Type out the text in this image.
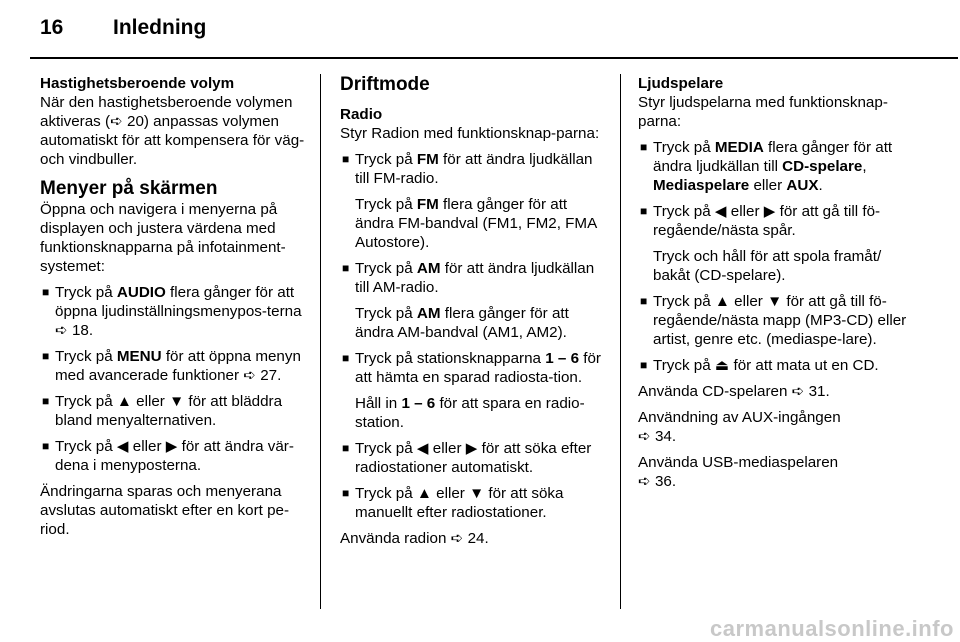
16 Inledning

Hastighetsberoende volym

När den hastighetsberoende volymen aktiveras (➪ 20) anpassas volymen automatiskt för att kompensera för väg- och vindbuller.

Menyer på skärmen

Öppna och navigera i menyerna på displayen och justera värdena med funktionsknapparna på infotainment-systemet:

■ Tryck på AUDIO flera gånger för att öppna ljudinställningsmenypos-terna ➪ 18.
■ Tryck på MENU för att öppna menyn med avancerade funktioner ➪ 27.
■ Tryck på ▲ eller ▼ för att bläddra bland menyalternativen.
■ Tryck på ◀ eller ▶ för att ändra vär-dena i menyposterna.

Ändringarna sparas och menyerana avslutas automatiskt efter en kort pe-riod.

Driftmode

Radio

Styr Radion med funktionsknap-parna:

■ Tryck på FM för att ändra ljudkällan till FM-radio.
Tryck på FM flera gånger för att ändra FM-bandval (FM1, FM2, FMA Autostore).
■ Tryck på AM för att ändra ljudkällan till AM-radio.
Tryck på AM flera gånger för att ändra AM-bandval (AM1, AM2).
■ Tryck på stationsknapparna 1 – 6 för att hämta en sparad radiosta-tion.
Håll in 1 – 6 för att spara en radio-station.
■ Tryck på ◀ eller ▶ för att söka efter radiostationer automatiskt.
■ Tryck på ▲ eller ▼ för att söka manuellt efter radiostationer.

Använda radion ➪ 24.

Ljudspelare

Styr ljudspelarna med funktionsknap-parna:

■ Tryck på MEDIA flera gånger för att ändra ljudkällan till CD-spelare, Mediaspelare eller AUX.
■ Tryck på ◀ eller ▶ för att gå till fö-regående/nästa spår.
Tryck och håll för att spola framåt/ bakåt (CD-spelare).
■ Tryck på ▲ eller ▼ för att gå till fö-regående/nästa mapp (MP3-CD) eller artist, genre etc. (mediaspe-lare).
■ Tryck på ⏏ för att mata ut en CD.

Använda CD-spelaren ➪ 31.

Användning av AUX-ingången
➪ 34.

Använda USB-mediaspelaren
➪ 36.

carmanualsonline.info
